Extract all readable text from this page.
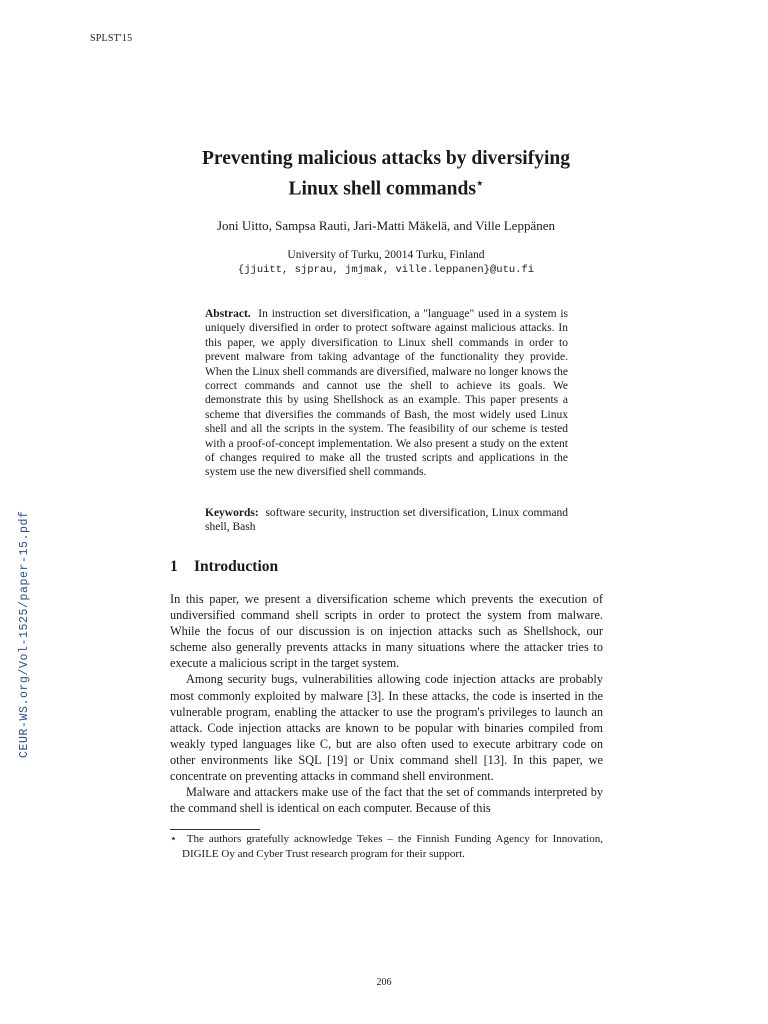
SPLST'15
CEUR-WS.org/Vol-1525/paper-15.pdf
Preventing malicious attacks by diversifying
Linux shell commands⋆
Joni Uitto, Sampsa Rauti, Jari-Matti Mäkelä, and Ville Leppänen
University of Turku, 20014 Turku, Finland
{jjuitt, sjprau, jmjmak, ville.leppanen}@utu.fi
Abstract. In instruction set diversification, a "language" used in a system is uniquely diversified in order to protect software against malicious attacks. In this paper, we apply diversification to Linux shell commands in order to prevent malware from taking advantage of the functionality they provide. When the Linux shell commands are diversified, malware no longer knows the correct commands and cannot use the shell to achieve its goals. We demonstrate this by using Shellshock as an example. This paper presents a scheme that diversifies the commands of Bash, the most widely used Linux shell and all the scripts in the system. The feasibility of our scheme is tested with a proof-of-concept implementation. We also present a study on the extent of changes required to make all the trusted scripts and applications in the system use the new diversified shell commands.
Keywords: software security, instruction set diversification, Linux command shell, Bash
1 Introduction

In this paper, we present a diversification scheme which prevents the execution of undiversified command shell scripts in order to protect the system from malware. While the focus of our discussion is on injection attacks such as Shellshock, our scheme also generally prevents attacks in many situations where the attacker tries to execute a malicious script in the target system.

Among security bugs, vulnerabilities allowing code injection attacks are probably most commonly exploited by malware [3]. In these attacks, the code is inserted in the vulnerable program, enabling the attacker to use the program's privileges to launch an attack. Code injection attacks are known to be popular with binaries compiled from weakly typed languages like C, but are also often used to execute arbitrary code on other environments like SQL [19] or Unix command shell [13]. In this paper, we concentrate on preventing attacks in command shell environment.

Malware and attackers make use of the fact that the set of commands interpreted by the command shell is identical on each computer. Because of this

⋆ The authors gratefully acknowledge Tekes – the Finnish Funding Agency for Innovation, DIGILE Oy and Cyber Trust research program for their support.
206
